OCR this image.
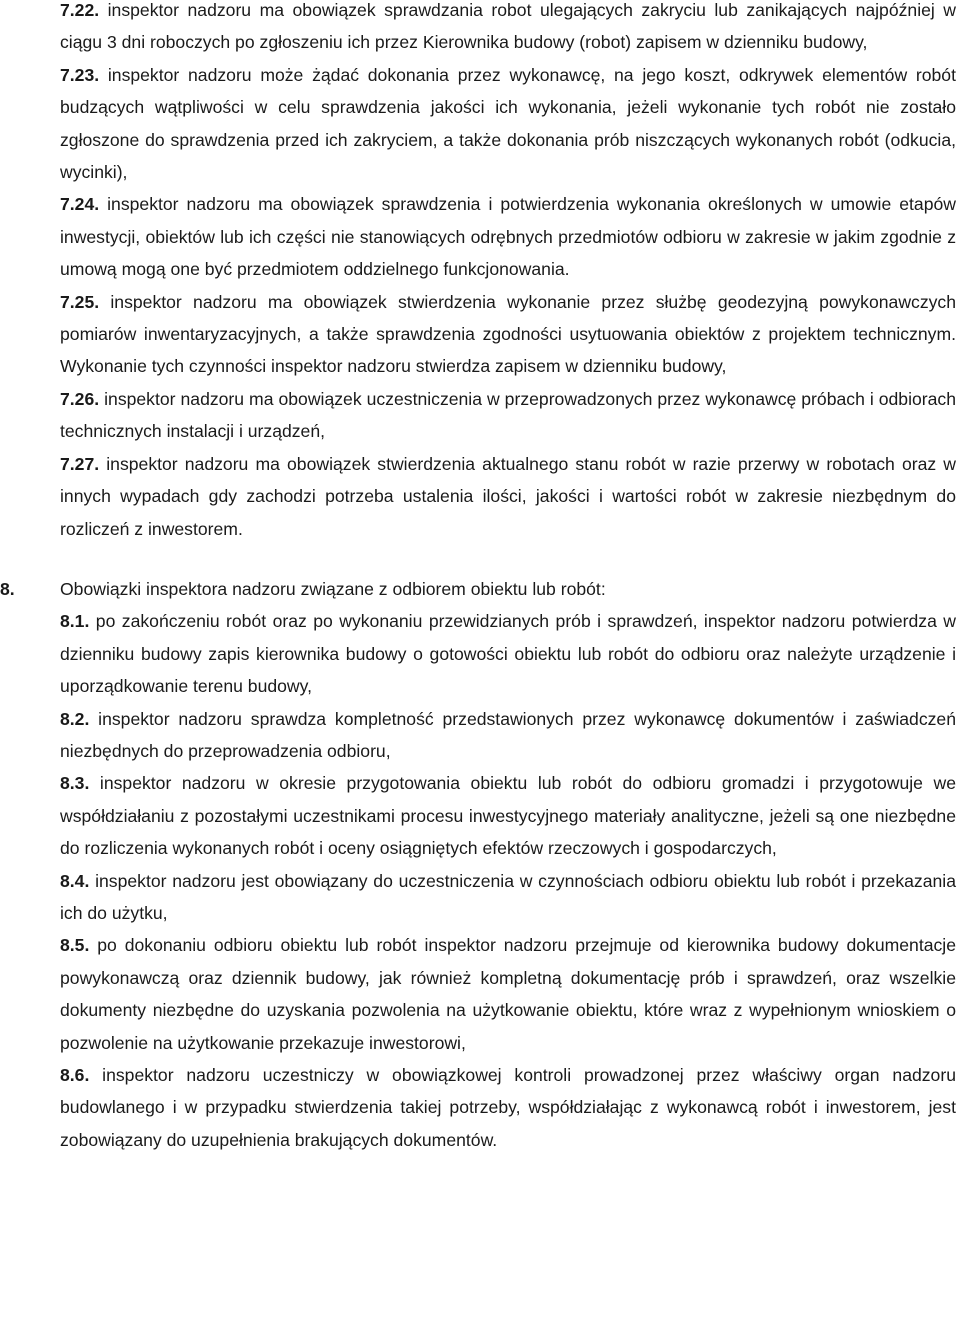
7.22. inspektor nadzoru ma obowiązek sprawdzania robot ulegających zakryciu lub zanikających najpóźniej w ciągu 3 dni roboczych po zgłoszeniu ich przez Kierownika budowy (robot) zapisem w dzienniku budowy,

7.23. inspektor nadzoru może żądać dokonania przez wykonawcę, na jego koszt, odkrywek elementów robót budzących wątpliwości w celu sprawdzenia jakości ich wykonania, jeżeli wykonanie tych robót nie zostało zgłoszone do sprawdzenia przed ich zakryciem, a także dokonania prób niszczących wykonanych robót (odkucia, wycinki),

7.24. inspektor nadzoru ma obowiązek sprawdzenia i potwierdzenia wykonania określonych w umowie etapów inwestycji, obiektów lub ich części nie stanowiących odrębnych przedmiotów odbioru w zakresie w jakim zgodnie z umową mogą one być przedmiotem oddzielnego funkcjonowania.

7.25. inspektor nadzoru ma obowiązek stwierdzenia wykonanie przez służbę geodezyjną powykonawczych pomiarów inwentaryzacyjnych, a także sprawdzenia zgodności usytuowania obiektów z projektem technicznym. Wykonanie tych czynności inspektor nadzoru stwierdza zapisem w dzienniku budowy,

7.26. inspektor nadzoru ma obowiązek uczestniczenia w przeprowadzonych przez wykonawcę próbach i odbiorach technicznych instalacji i urządzeń,

7.27. inspektor nadzoru ma obowiązek stwierdzenia aktualnego stanu robót w razie przerwy w robotach oraz w innych wypadach gdy zachodzi potrzeba ustalenia ilości, jakości i wartości robót w zakresie niezbędnym do rozliczeń z inwestorem.

8.	Obowiązki inspektora nadzoru związane z odbiorem obiektu lub robót:

8.1. po zakończeniu robót oraz po wykonaniu przewidzianych prób i sprawdzeń, inspektor nadzoru potwierdza w dzienniku budowy zapis kierownika budowy o gotowości obiektu lub robót do odbioru oraz należyte urządzenie i uporządkowanie terenu budowy,

8.2. inspektor nadzoru sprawdza kompletność przedstawionych przez wykonawcę dokumentów i zaświadczeń niezbędnych do przeprowadzenia odbioru,

8.3. inspektor nadzoru w okresie przygotowania obiektu lub robót do odbioru gromadzi i przygotowuje we współdziałaniu z pozostałymi uczestnikami procesu inwestycyjnego materiały analityczne, jeżeli są one niezbędne do rozliczenia wykonanych robót i oceny osiągniętych efektów rzeczowych i gospodarczych,

8.4. inspektor nadzoru jest obowiązany do uczestniczenia w czynnościach odbioru obiektu lub robót i przekazania ich do użytku,

8.5. po dokonaniu odbioru obiektu lub robót inspektor nadzoru przejmuje od kierownika budowy dokumentacje powykonawczą oraz dziennik budowy, jak również kompletną dokumentację prób i sprawdzeń, oraz wszelkie dokumenty niezbędne do uzyskania pozwolenia na użytkowanie obiektu, które wraz z wypełnionym wnioskiem o pozwolenie na użytkowanie przekazuje inwestorowi,

8.6. inspektor nadzoru uczestniczy w obowiązkowej kontroli prowadzonej przez właściwy organ nadzoru budowlanego i w przypadku stwierdzenia takiej potrzeby, współdziałając z wykonawcą robót i inwestorem, jest zobowiązany do uzupełnienia brakujących dokumentów.
